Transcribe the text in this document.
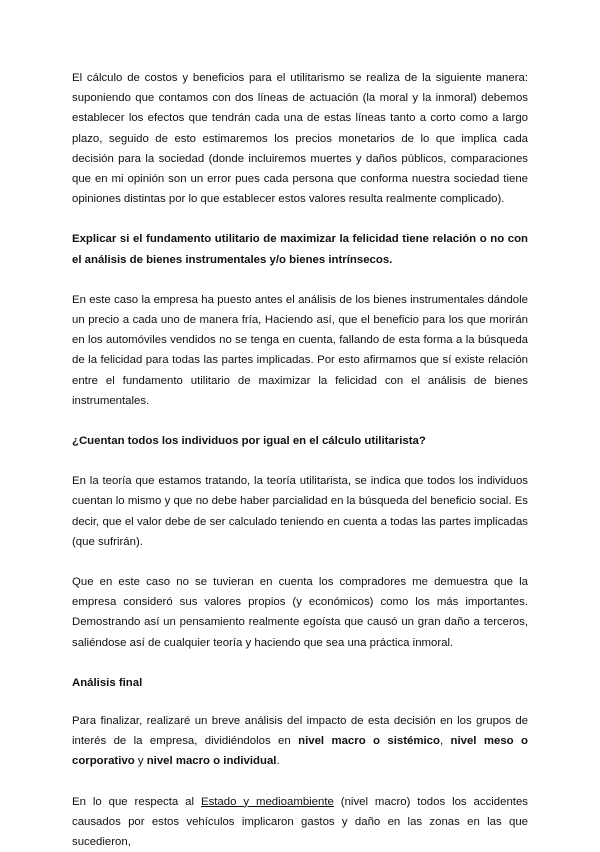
El cálculo de costos y beneficios para el utilitarismo se realiza de la siguiente manera: suponiendo que contamos con dos líneas de actuación (la moral y la inmoral) debemos establecer los efectos que tendrán cada una de estas líneas tanto a corto como a largo plazo, seguido de esto estimaremos los precios monetarios de lo que implica cada decisión para la sociedad (donde incluiremos muertes y daños públicos, comparaciones que en mi opinión son un error pues cada persona que conforma nuestra sociedad tiene opiniones distintas por lo que establecer estos valores resulta realmente complicado).

Explicar si el fundamento utilitario de maximizar la felicidad tiene relación o no con el análisis de bienes instrumentales y/o bienes intrínsecos.

En este caso la empresa ha puesto antes el análisis de los bienes instrumentales dándole un precio a cada uno de manera fría, Haciendo así, que el beneficio para los que morirán en los automóviles vendidos no se tenga en cuenta, fallando de esta forma a la búsqueda de la felicidad para todas las partes implicadas. Por esto afirmamos que sí existe relación entre el fundamento utilitario de maximizar la felicidad con el análisis de bienes instrumentales.

¿Cuentan todos los individuos por igual en el cálculo utilitarista?

En la teoría que estamos tratando, la teoría utilitarista, se indica que todos los individuos cuentan lo mismo y que no debe haber parcialidad en la búsqueda del beneficio social. Es decir, que el valor debe de ser calculado teniendo en cuenta a todas las partes implicadas (que sufrirán).

Que en este caso no se tuvieran en cuenta los compradores me demuestra que la empresa consideró sus valores propios (y económicos) como los más importantes. Demostrando así un pensamiento realmente egoísta que causó un gran daño a terceros, saliéndose así de cualquier teoría y haciendo que sea una práctica inmoral.

Análisis final

Para finalizar, realizaré un breve análisis del impacto de esta decisión en los grupos de interés de la empresa, dividiéndolos en nivel macro o sistémico, nivel meso o corporativo y nivel macro o individual.

En lo que respecta al Estado y medioambiente (nivel macro) todos los accidentes causados por estos vehículos implicaron gastos y daño en las zonas en las que sucedieron,
